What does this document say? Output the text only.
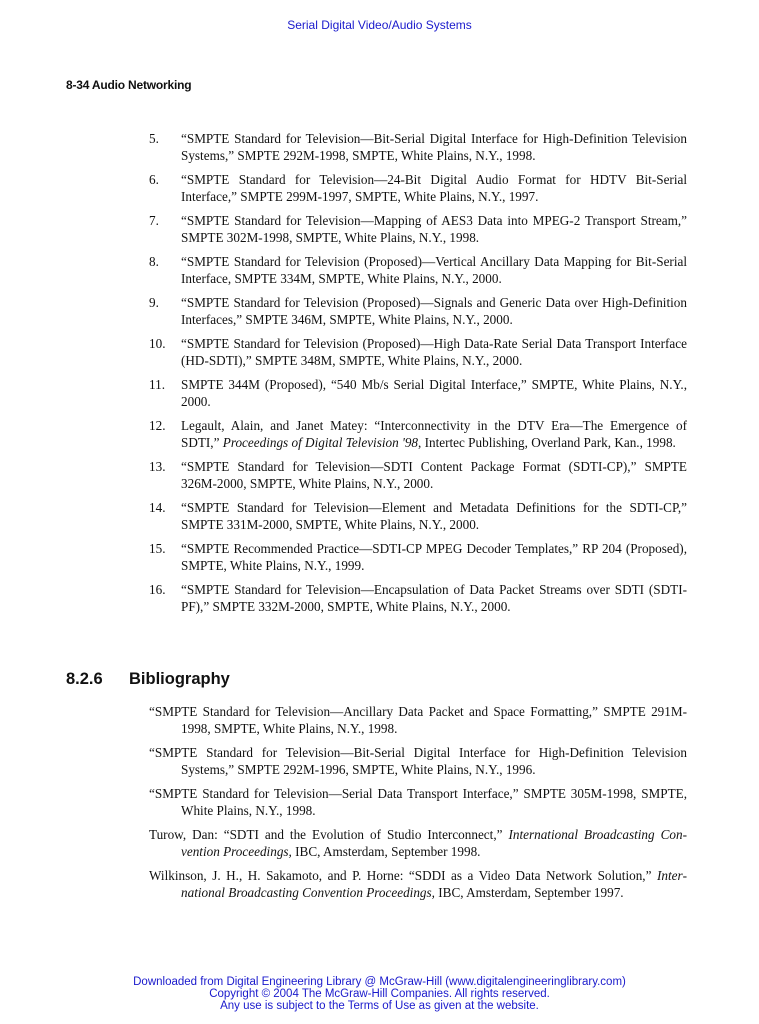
Serial Digital Video/Audio Systems
8-34 Audio Networking
5. “SMPTE Standard for Television—Bit-Serial Digital Interface for High-Definition Television Systems,” SMPTE 292M-1998, SMPTE, White Plains, N.Y., 1998.
6. “SMPTE Standard for Television—24-Bit Digital Audio Format for HDTV Bit-Serial Interface,” SMPTE 299M-1997, SMPTE, White Plains, N.Y., 1997.
7. “SMPTE Standard for Television—Mapping of AES3 Data into MPEG-2 Transport Stream,” SMPTE 302M-1998, SMPTE, White Plains, N.Y., 1998.
8. “SMPTE Standard for Television (Proposed)—Vertical Ancillary Data Mapping for Bit-Serial Interface, SMPTE 334M, SMPTE, White Plains, N.Y., 2000.
9. “SMPTE Standard for Television (Proposed)—Signals and Generic Data over High-Definition Interfaces,” SMPTE 346M, SMPTE, White Plains, N.Y., 2000.
10. “SMPTE Standard for Television (Proposed)—High Data-Rate Serial Data Transport Interface (HD-SDTI),” SMPTE 348M, SMPTE, White Plains, N.Y., 2000.
11. SMPTE 344M (Proposed), “540 Mb/s Serial Digital Interface,” SMPTE, White Plains, N.Y., 2000.
12. Legault, Alain, and Janet Matey: “Interconnectivity in the DTV Era—The Emergence of SDTI,” Proceedings of Digital Television '98, Intertec Publishing, Overland Park, Kan., 1998.
13. “SMPTE Standard for Television—SDTI Content Package Format (SDTI-CP),” SMPTE 326M-2000, SMPTE, White Plains, N.Y., 2000.
14. “SMPTE Standard for Television—Element and Metadata Definitions for the SDTI-CP,” SMPTE 331M-2000, SMPTE, White Plains, N.Y., 2000.
15. “SMPTE Recommended Practice—SDTI-CP MPEG Decoder Templates,” RP 204 (Proposed), SMPTE, White Plains, N.Y., 1999.
16. “SMPTE Standard for Television—Encapsulation of Data Packet Streams over SDTI (SDTI-PF),” SMPTE 332M-2000, SMPTE, White Plains, N.Y., 2000.
8.2.6 Bibliography
“SMPTE Standard for Television—Ancillary Data Packet and Space Formatting,” SMPTE 291M-1998, SMPTE, White Plains, N.Y., 1998.
“SMPTE Standard for Television—Bit-Serial Digital Interface for High-Definition Television Systems,” SMPTE 292M-1996, SMPTE, White Plains, N.Y., 1996.
“SMPTE Standard for Television—Serial Data Transport Interface,” SMPTE 305M-1998, SMPTE, White Plains, N.Y., 1998.
Turow, Dan: “SDTI and the Evolution of Studio Interconnect,” International Broadcasting Convention Proceedings, IBC, Amsterdam, September 1998.
Wilkinson, J. H., H. Sakamoto, and P. Horne: “SDDI as a Video Data Network Solution,” International Broadcasting Convention Proceedings, IBC, Amsterdam, September 1997.
Downloaded from Digital Engineering Library @ McGraw-Hill (www.digitalengineeringlibrary.com)
Copyright © 2004 The McGraw-Hill Companies. All rights reserved.
Any use is subject to the Terms of Use as given at the website.
